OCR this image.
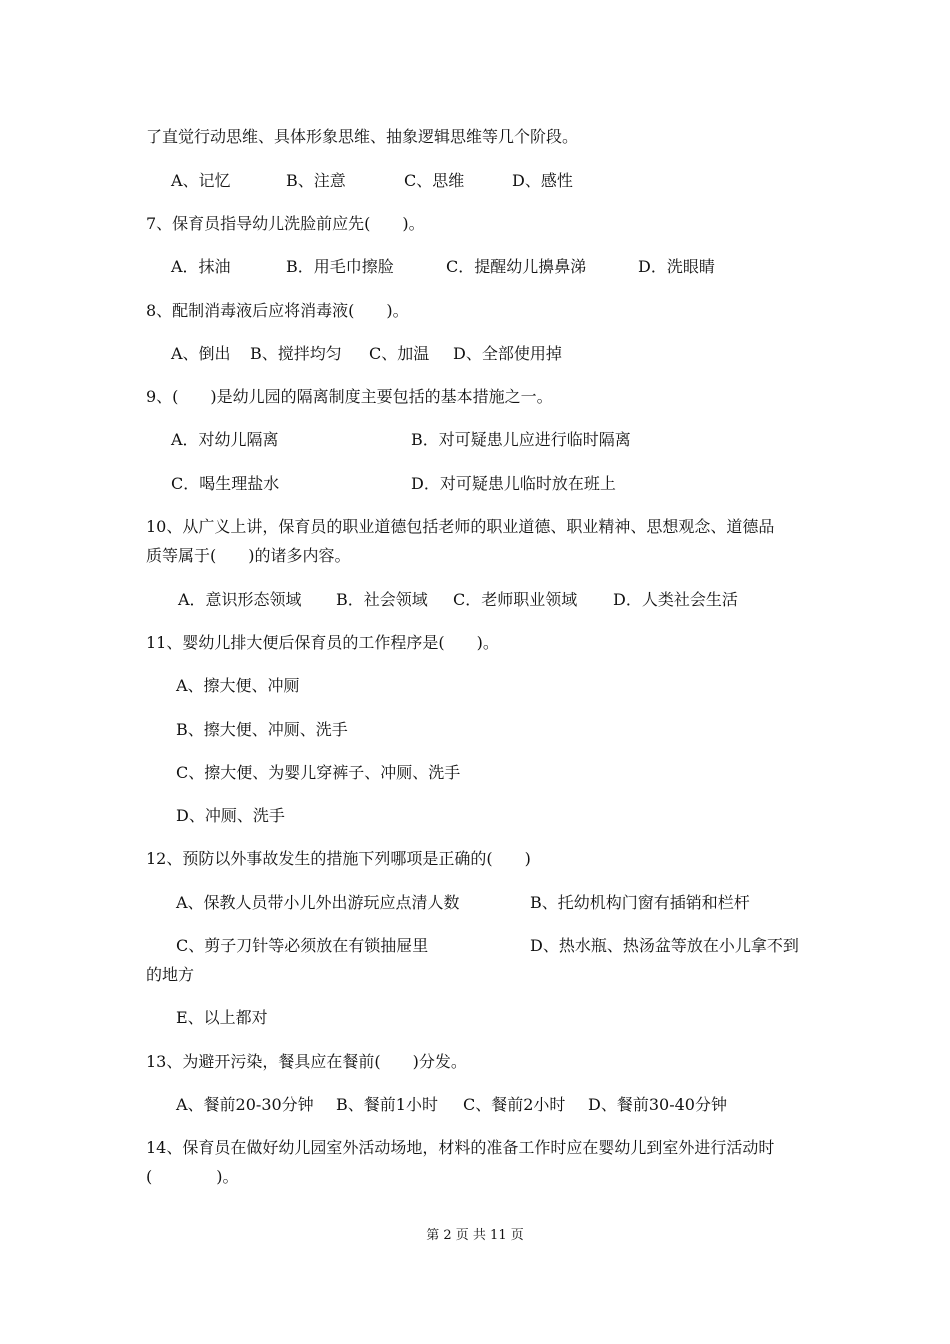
了直觉行动思维、具体形象思维、抽象逻辑思维等几个阶段。
A、记忆	B、注意	C、思维	D、感性
7、保育员指导幼儿洗脸前应先(　　)。
A．抹油	B．用毛巾擦脸	C．提醒幼儿擤鼻涕	D．洗眼睛
8、配制消毒液后应将消毒液(　　)。
A、倒出 B、搅拌均匀 C、加温 D、全部使用掉
9、(　　)是幼儿园的隔离制度主要包括的基本措施之一。
A．对幼儿隔离	B．对可疑患儿应进行临时隔离
C．喝生理盐水	D．对可疑患儿临时放在班上
10、从广义上讲，保育员的职业道德包括老师的职业道德、职业精神、思想观念、道德品
质等属于(　　)的诸多内容。
A．意识形态领域 B．社会领域 C．老师职业领域 D．人类社会生活
11、婴幼儿排大便后保育员的工作程序是(　　)。
A、擦大便、冲厕
B、擦大便、冲厕、洗手
C、擦大便、为婴儿穿裤子、冲厕、洗手
D、冲厕、洗手
12、预防以外事故发生的措施下列哪项是正确的(　　)
A、保教人员带小儿外出游玩应点清人数	B、托幼机构门窗有插销和栏杆
C、剪子刀针等必须放在有锁抽屉里	D、热水瓶、热汤盆等放在小儿拿不到
的地方
E、以上都对
13、为避开污染，餐具应在餐前(　　)分发。
A、餐前20-30分钟 B、餐前1小时 C、餐前2小时 D、餐前30-40分钟
14、保育员在做好幼儿园室外活动场地，材料的准备工作时应在婴幼儿到室外进行活动时
(　　　　)。
第 2 页 共 11 页
